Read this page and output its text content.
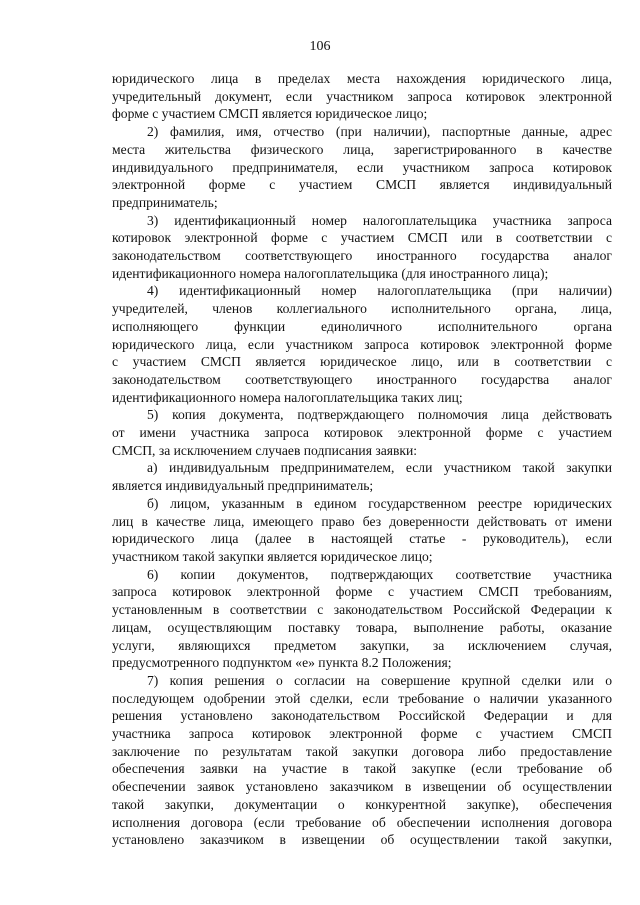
106
юридического лица в пределах места нахождения юридического лица,
учредительный документ, если участником запроса котировок электронной
форме с участием СМСП является юридическое лицо;
2) фамилия, имя, отчество (при наличии), паспортные данные, адрес
места жительства физического лица, зарегистрированного в качестве
индивидуального предпринимателя, если участником запроса котировок
электронной форме с участием СМСП является индивидуальный
предприниматель;
3) идентификационный номер налогоплательщика участника запроса
котировок электронной форме с участием СМСП или в соответствии с
законодательством соответствующего иностранного государства аналог
идентификационного номера налогоплательщика (для иностранного лица);
4) идентификационный номер налогоплательщика (при наличии)
учредителей, членов коллегиального исполнительного органа, лица,
исполняющего функции единоличного исполнительного органа
юридического лица, если участником запроса котировок электронной форме
с участием СМСП является юридическое лицо, или в соответствии с
законодательством соответствующего иностранного государства аналог
идентификационного номера налогоплательщика таких лиц;
5) копия документа, подтверждающего полномочия лица действовать
от имени участника запроса котировок электронной форме с участием
СМСП, за исключением случаев подписания заявки:
а) индивидуальным предпринимателем, если участником такой закупки
является индивидуальный предприниматель;
б) лицом, указанным в едином государственном реестре юридических
лиц в качестве лица, имеющего право без доверенности действовать от имени
юридического лица (далее в настоящей статье - руководитель), если
участником такой закупки является юридическое лицо;
6) копии документов, подтверждающих соответствие участника
запроса котировок электронной форме с участием СМСП требованиям,
установленным в соответствии с законодательством Российской Федерации к
лицам, осуществляющим поставку товара, выполнение работы, оказание
услуги, являющихся предметом закупки, за исключением случая,
предусмотренного подпунктом «е» пункта 8.2 Положения;
7) копия решения о согласии на совершение крупной сделки или о
последующем одобрении этой сделки, если требование о наличии указанного
решения установлено законодательством Российской Федерации и для
участника запроса котировок электронной форме с участием СМСП
заключение по результатам такой закупки договора либо предоставление
обеспечения заявки на участие в такой закупке (если требование об
обеспечении заявок установлено заказчиком в извещении об осуществлении
такой закупки, документации о конкурентной закупке), обеспечения
исполнения договора (если требование об обеспечении исполнения договора
установлено заказчиком в извещении об осуществлении такой закупки,
